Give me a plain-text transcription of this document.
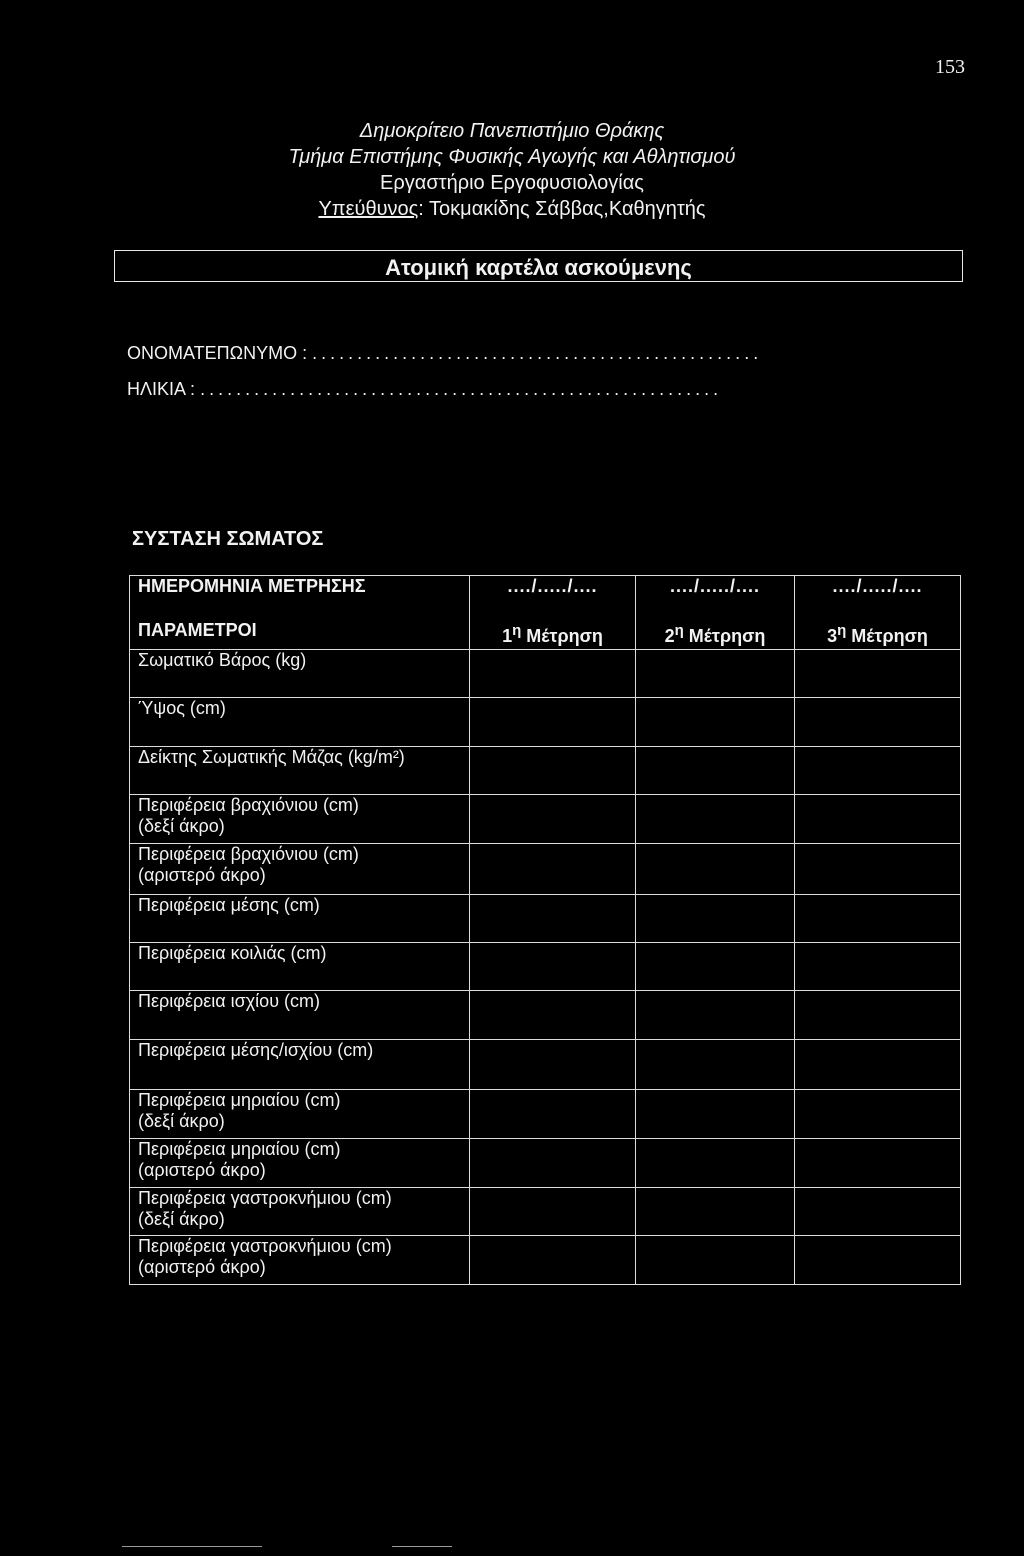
153
Δημοκρίτειο Πανεπιστήμιο Θράκης
Τμήμα Επιστήμης Φυσικής Αγωγής και Αθλητισμού
Εργαστήριο Εργοφυσιολογίας
Υπεύθυνος: Τοκμακίδης Σάββας,Καθηγητής
Ατομική καρτέλα ασκούμενης
ΟΝΟΜΑΤΕΠΩΝΥΜΟ : ..................................................
ΗΛΙΚΙΑ : ..........................................................
ΣΥΣΤΑΣΗ ΣΩΜΑΤΟΣ
ΗΜΕΡΟΜΗΝΙΑ ΜΕΤΡΗΣΗΣ	..../...../....	..../...../....	..../...../....
ΠΑΡΑΜΕΤΡΟΙ	$1^\eta$ Μέτρηση	$2^\eta$ Μέτρηση	$3^\eta$ Μέτρηση

Σωματικό Βάρος (kg)			

Ύψος (cm)			

Δείκτης Σωματικής Μάζας (kg/m²)			

Περιφέρεια βραχιόνιου (cm)
(δεξί άκρο)			

Περιφέρεια βραχιόνιου (cm)
(αριστερό άκρο)			

Περιφέρεια μέσης (cm)			

Περιφέρεια κοιλιάς (cm)			

Περιφέρεια ισχίου (cm)			

Περιφέρεια μέσης/ισχίου (cm)			

Περιφέρεια μηριαίου (cm)
(δεξί άκρο)			

Περιφέρεια μηριαίου (cm)
(αριστερό άκρο)			

Περιφέρεια γαστροκνήμιου (cm)
(δεξί άκρο)			

Περιφέρεια γαστροκνήμιου (cm)
(αριστερό άκρο)			
